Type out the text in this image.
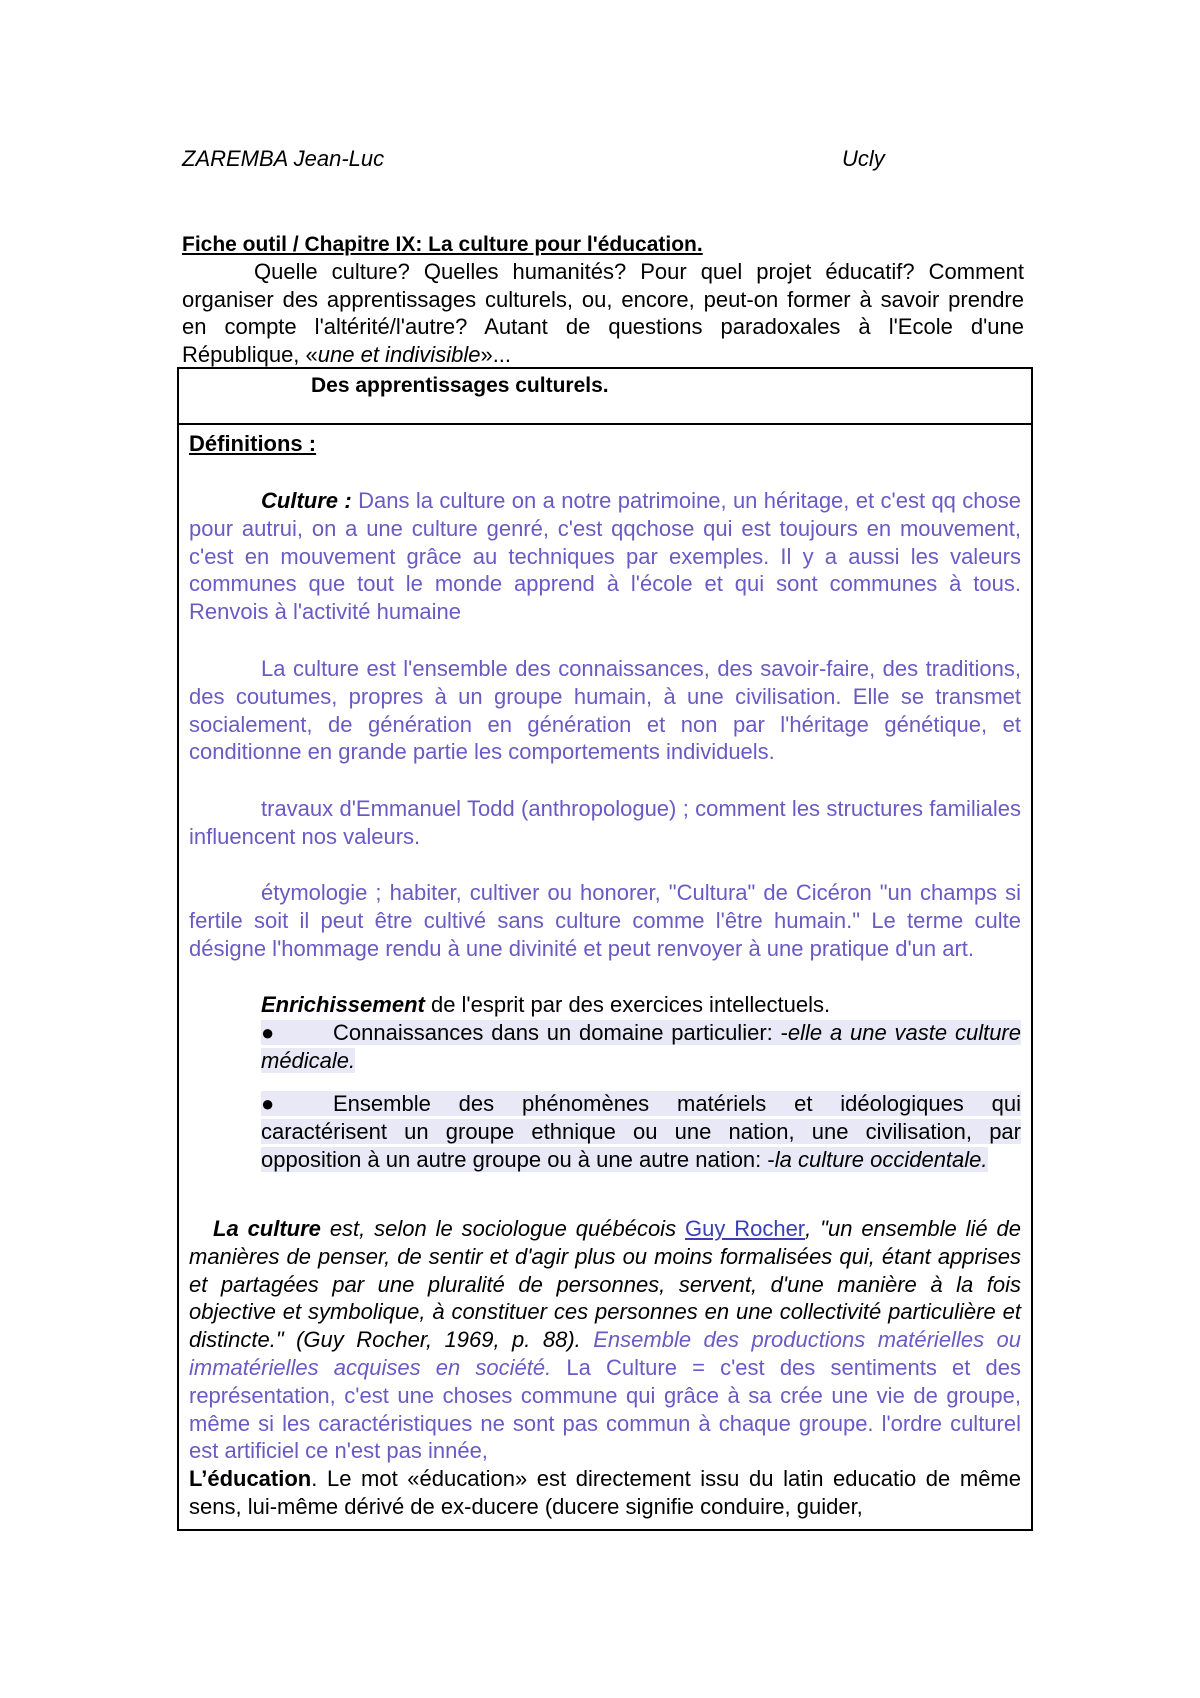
ZAREMBA Jean-Luc	Ucly
Fiche outil / Chapitre IX: La culture pour l'éducation.
Quelle culture? Quelles humanités? Pour quel projet éducatif? Comment organiser des apprentissages culturels, ou, encore, peut-on former à savoir prendre en compte l'altérité/l'autre? Autant de questions paradoxales à l'Ecole d'une République, «une et indivisible»...
Des apprentissages culturels.
Définitions :
Culture : Dans la culture on a notre patrimoine, un héritage, et c'est qq chose pour autrui, on a une culture genré, c'est qqchose qui est toujours en mouvement, c'est en mouvement grâce au techniques par exemples. Il y a aussi les valeurs communes que tout le monde apprend à l'école et qui sont communes à tous. Renvois à l'activité humaine
La culture est l'ensemble des connaissances, des savoir-faire, des traditions, des coutumes, propres à un groupe humain, à une civilisation. Elle se transmet socialement, de génération en génération et non par l'héritage génétique, et conditionne en grande partie les comportements individuels.
travaux d'Emmanuel Todd (anthropologue) ; comment les structures familiales influencent nos valeurs.
étymologie ; habiter, cultiver ou honorer, "Cultura" de Cicéron "un champs si fertile soit il peut être cultivé sans culture comme l'être humain." Le terme culte désigne l'hommage rendu à une divinité et peut renvoyer à une pratique d'un art.
Enrichissement de l'esprit par des exercices intellectuels.
●	Connaissances dans un domaine particulier: -elle a une vaste culture médicale.
●	Ensemble des phénomènes matériels et idéologiques qui caractérisent un groupe ethnique ou une nation, une civilisation, par opposition à un autre groupe ou à une autre nation: -la culture occidentale.
La culture est, selon le sociologue québécois Guy Rocher, "un ensemble lié de manières de penser, de sentir et d'agir plus ou moins formalisées qui, étant apprises et partagées par une pluralité de personnes, servent, d'une manière à la fois objective et symbolique, à constituer ces personnes en une collectivité particulière et distincte." (Guy Rocher, 1969, p. 88). Ensemble des productions matérielles ou immatérielles acquises en société. La Culture = c'est des sentiments et des représentation, c'est une choses commune qui grâce à sa crée une vie de groupe, même si les caractéristiques ne sont pas commun à chaque groupe. l'ordre culturel est artificiel ce n'est pas innée,
L’éducation. Le mot «éducation» est directement issu du latin educatio de même sens, lui-même dérivé de ex-ducere (ducere signifie conduire, guider,
